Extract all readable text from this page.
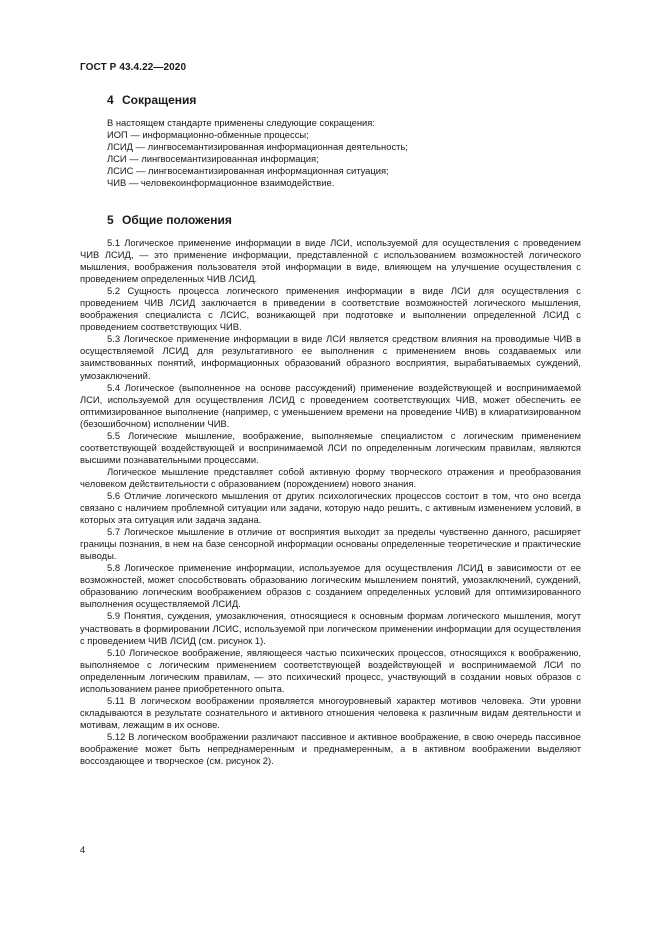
ГОСТ Р 43.4.22—2020
4 Сокращения
В настоящем стандарте применены следующие сокращения:
ИОП — информационно-обменные процессы;
ЛСИД — лингвосемантизированная информационная деятельность;
ЛСИ — лингвосемантизированная информация;
ЛСИС — лингвосемантизированная информационная ситуация;
ЧИВ — человекоинформационное взаимодействие.
5 Общие положения

5.1 Логическое применение информации в виде ЛСИ, используемой для осуществления с проведением ЧИВ ЛСИД, — это применение информации, представленной с использованием возможностей логического мышления, воображения пользователя этой информации в виде, влияющем на улучшение осуществления с проведением определенных ЧИВ ЛСИД.

5.2 Сущность процесса логического применения информации в виде ЛСИ для осуществления с проведением ЧИВ ЛСИД заключается в приведении в соответствие возможностей логического мышления, воображения специалиста с ЛСИС, возникающей при подготовке и выполнении определенной ЛСИД с проведением соответствующих ЧИВ.

5.3 Логическое применение информации в виде ЛСИ является средством влияния на проводимые ЧИВ в осуществляемой ЛСИД для результативного ее выполнения с применением вновь создаваемых или заимствованных понятий, информационных образований образного восприятия, вырабатываемых суждений, умозаключений.

5.4 Логическое (выполненное на основе рассуждений) применение воздействующей и воспринимаемой ЛСИ, используемой для осуществления ЛСИД с проведением соответствующих ЧИВ, может обеспечить ее оптимизированное выполнение (например, с уменьшением времени на проведение ЧИВ) в клиаратизированном (безошибочном) исполнении ЧИВ.

5.5 Логические мышление, воображение, выполняемые специалистом с логическим применением соответствующей воздействующей и воспринимаемой ЛСИ по определенным логическим правилам, являются высшими познавательными процессами.

Логическое мышление представляет собой активную форму творческого отражения и преобразования человеком действительности с образованием (порождением) нового знания.

5.6 Отличие логического мышления от других психологических процессов состоит в том, что оно всегда связано с наличием проблемной ситуации или задачи, которую надо решить, с активным изменением условий, в которых эта ситуация или задача задана.

5.7 Логическое мышление в отличие от восприятия выходит за пределы чувственно данного, расширяет границы познания, в нем на базе сенсорной информации основаны определенные теоретические и практические выводы.

5.8 Логическое применение информации, используемое для осуществления ЛСИД в зависимости от ее возможностей, может способствовать образованию логическим мышлением понятий, умозаключений, суждений, образованию логическим воображением образов с созданием определенных условий для оптимизированного выполнения осуществляемой ЛСИД.

5.9 Понятия, суждения, умозаключения, относящиеся к основным формам логического мышления, могут участвовать в формировании ЛСИС, используемой при логическом применении информации для осуществления с проведением ЧИВ ЛСИД (см. рисунок 1).

5.10 Логическое воображение, являющееся частью психических процессов, относящихся к воображению, выполняемое с логическим применением соответствующей воздействующей и воспринимаемой ЛСИ по определенным логическим правилам, — это психический процесс, участвующий в создании новых образов с использованием ранее приобретенного опыта.

5.11 В логическом воображении проявляется многоуровневый характер мотивов человека. Эти уровни складываются в результате сознательного и активного отношения человека к различным видам деятельности и мотивам, лежащим в их основе.

5.12 В логическом воображении различают пассивное и активное воображение, в свою очередь пассивное воображение может быть непреднамеренным и преднамеренным, а в активном воображении выделяют воссоздающее и творческое (см. рисунок 2).

4
